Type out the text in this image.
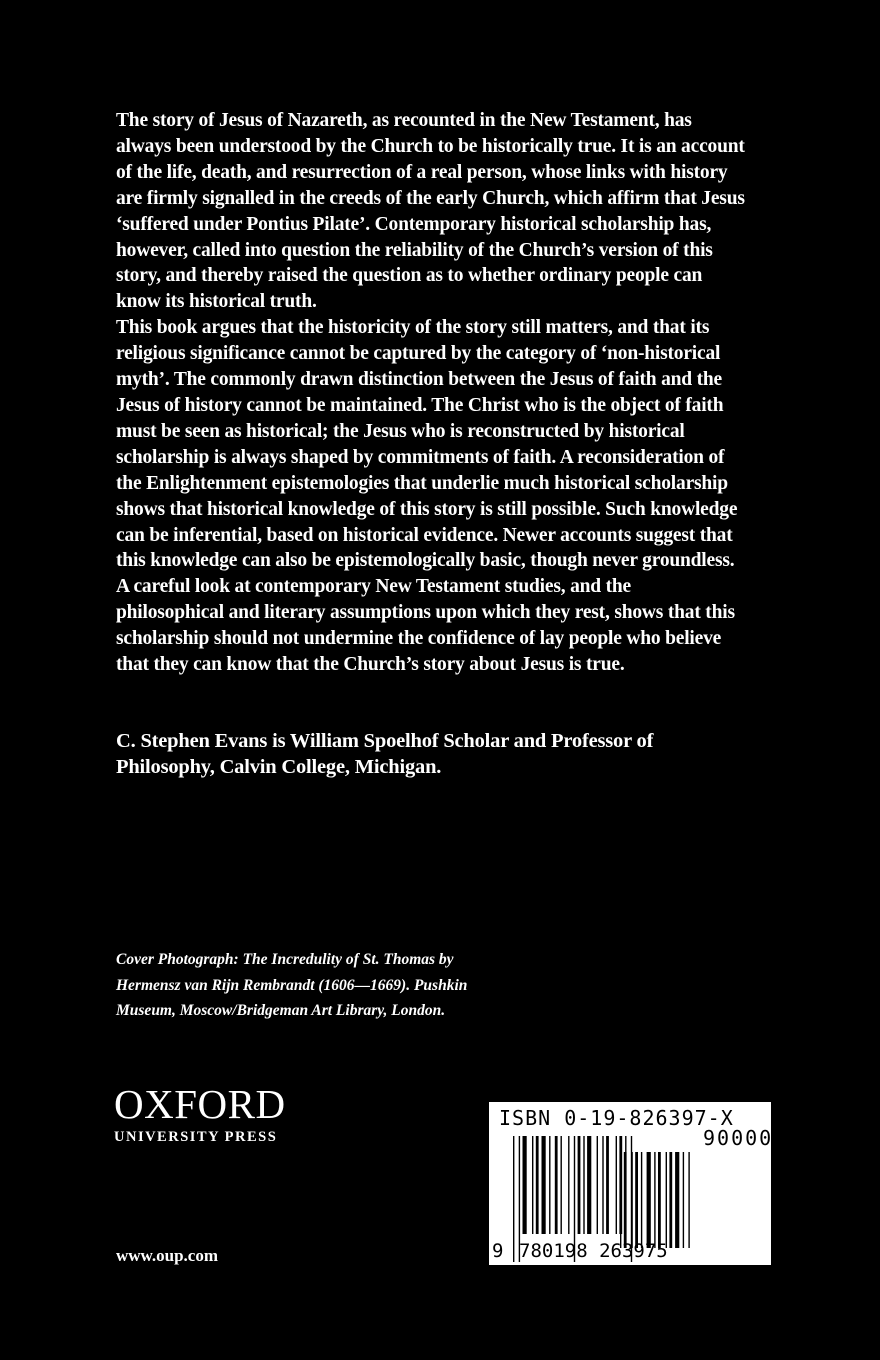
The story of Jesus of Nazareth, as recounted in the New Testament, has
always been understood by the Church to be historically true. It is an account
of the life, death, and resurrection of a real person, whose links with history
are firmly signalled in the creeds of the early Church, which affirm that Jesus
‘suffered under Pontius Pilate’. Contemporary historical scholarship has,
however, called into question the reliability of the Church’s version of this
story, and thereby raised the question as to whether ordinary people can
know its historical truth.
This book argues that the historicity of the story still matters, and that its
religious significance cannot be captured by the category of ‘non-historical
myth’. The commonly drawn distinction between the Jesus of faith and the
Jesus of history cannot be maintained. The Christ who is the object of faith
must be seen as historical; the Jesus who is reconstructed by historical
scholarship is always shaped by commitments of faith. A reconsideration of
the Enlightenment epistemologies that underlie much historical scholarship
shows that historical knowledge of this story is still possible. Such knowledge
can be inferential, based on historical evidence. Newer accounts suggest that
this knowledge can also be epistemologically basic, though never groundless.
A careful look at contemporary New Testament studies, and the
philosophical and literary assumptions upon which they rest, shows that this
scholarship should not undermine the confidence of lay people who believe
that they can know that the Church’s story about Jesus is true.
C. Stephen Evans is William Spoelhof Scholar and Professor of
Philosophy, Calvin College, Michigan.
Cover Photograph: The Incredulity of St. Thomas by
Hermensz van Rijn Rembrandt (1606—1669). Pushkin
Museum, Moscow/Bridgeman Art Library, London.
OXFORD
UNIVERSITY PRESS
www.oup.com
ISBN 0-19-826397-X
90000
9 780198 263975
